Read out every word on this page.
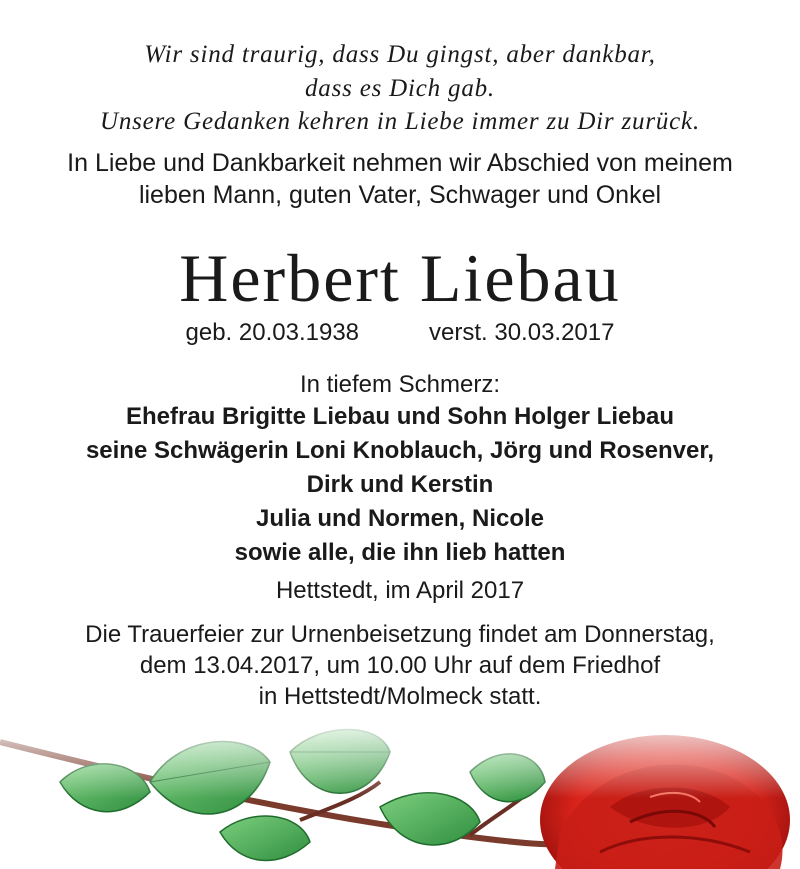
Wir sind traurig, dass Du gingst, aber dankbar,
dass es Dich gab.
Unsere Gedanken kehren in Liebe immer zu Dir zurück.
In Liebe und Dankbarkeit nehmen wir Abschied von meinem
lieben Mann, guten Vater, Schwager und Onkel
Herbert Liebau
geb. 20.03.1938	verst. 30.03.2017
In tiefem Schmerz:
Ehefrau Brigitte Liebau und Sohn Holger Liebau
seine Schwägerin Loni Knoblauch, Jörg und Rosenver,
Dirk und Kerstin
Julia und Normen, Nicole
sowie alle, die ihn lieb hatten
Hettstedt, im April 2017
Die Trauerfeier zur Urnenbeisetzung findet am Donnerstag,
dem 13.04.2017, um 10.00 Uhr auf dem Friedhof
in Hettstedt/Molmeck statt.
